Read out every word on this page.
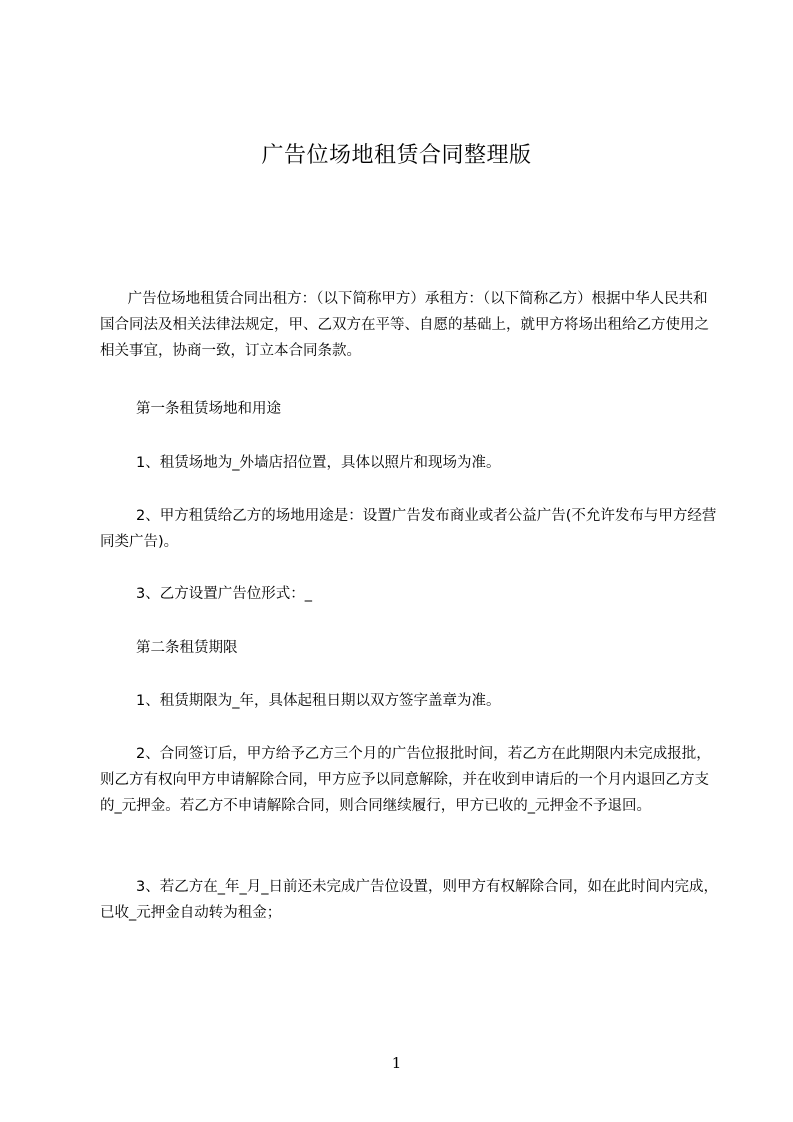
广告位场地租赁合同整理版

广告位场地租赁合同出租方：（以下简称甲方）承租方：（以下简称乙方）根据中华人民共和国合同法及相关法律法规定，甲、乙双方在平等、自愿的基础上，就甲方将场出租给乙方使用之相关事宜，协商一致，订立本合同条款。

第一条租赁场地和用途

1、租赁场地为_外墙店招位置，具体以照片和现场为准。

2、甲方租赁给乙方的场地用途是：设置广告发布商业或者公益广告(不允许发布与甲方经营同类广告)。

3、乙方设置广告位形式：_

第二条租赁期限

1、租赁期限为_年，具体起租日期以双方签字盖章为准。

2、合同签订后，甲方给予乙方三个月的广告位报批时间，若乙方在此期限内未完成报批，则乙方有权向甲方申请解除合同，甲方应予以同意解除，并在收到申请后的一个月内退回乙方支的_元押金。若乙方不申请解除合同，则合同继续履行，甲方已收的_元押金不予退回。

3、若乙方在_年_月_日前还未完成广告位设置，则甲方有权解除合同，如在此时间内完成，已收_元押金自动转为租金；

1
